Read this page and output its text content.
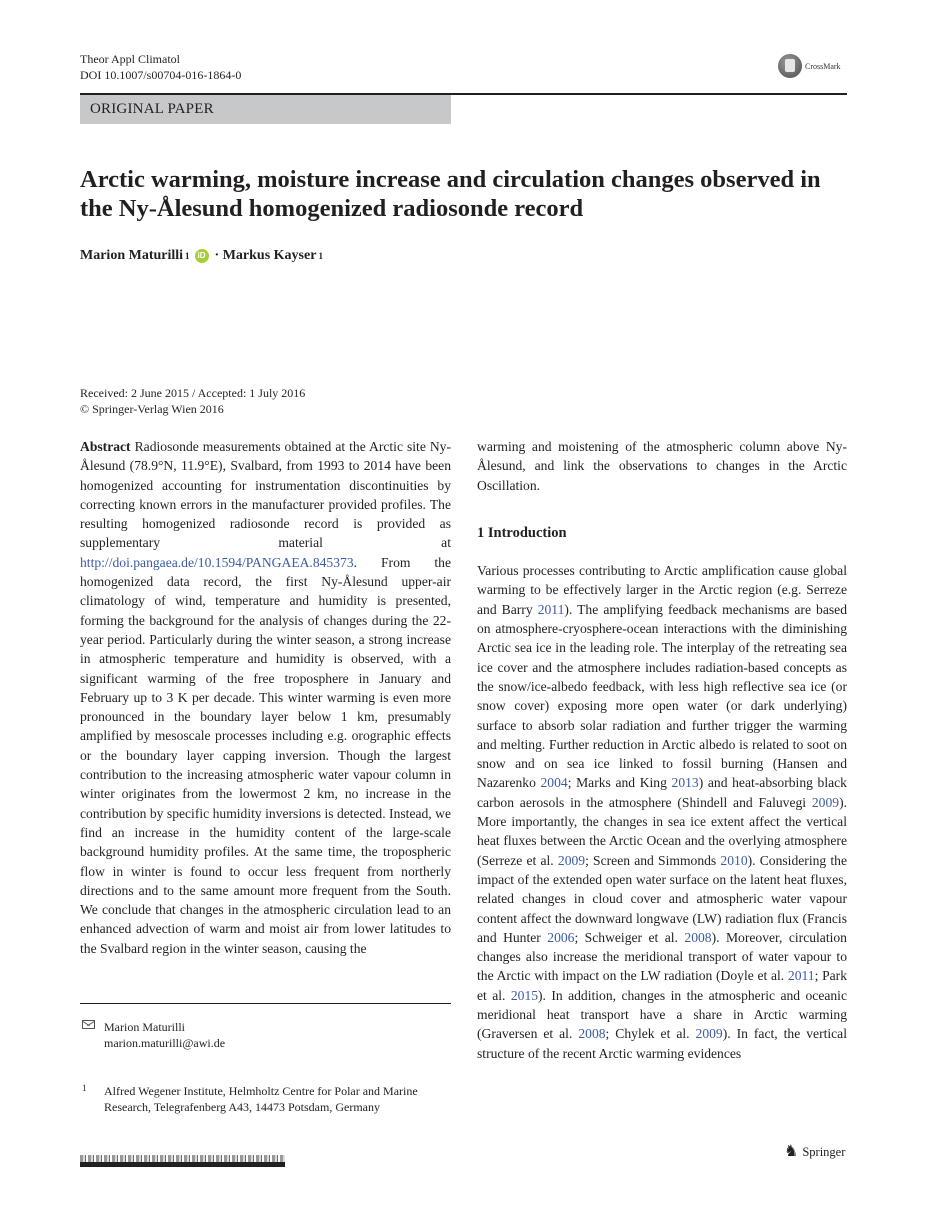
Theor Appl Climatol
DOI 10.1007/s00704-016-1864-0
CrossMark
ORIGINAL PAPER
Arctic warming, moisture increase and circulation changes observed in the Ny-Ålesund homogenized radiosonde record
Marion Maturilli 1	iD ·
Markus Kayser 1
Received: 2 June 2015 / Accepted: 1 July 2016
© Springer-Verlag Wien 2016

Abstract Radiosonde measurements obtained at the Arctic site Ny-Ålesund (78.9°N, 11.9°E), Svalbard, from 1993 to 2014 have been homogenized accounting for instrumentation discontinuities by correcting known errors in the manufacturer provided profiles. The resulting homogenized radiosonde record is provided as supplementary material at http://doi.pangaea.de/10.1594/PANGAEA.845373. From the homogenized data record, the first Ny-Ålesund upper-air climatology of wind, temperature and humidity is presented, forming the background for the analysis of changes during the 22-year period. Particularly during the winter season, a strong increase in atmospheric temperature and humidity is observed, with a significant warming of the free troposphere in January and February up to 3 K per decade. This winter warming is even more pronounced in the boundary layer below 1 km, presumably amplified by mesoscale processes including e.g. orographic effects or the boundary layer capping inversion. Though the largest contribution to the increasing atmospheric water vapour column in winter originates from the lowermost 2 km, no increase in the contribution by specific humidity inversions is detected. Instead, we find an increase in the humidity content of the large-scale background humidity profiles. At the same time, the tropospheric flow in winter is found to occur less frequent from northerly directions and to the same amount more frequent from the South. We conclude that changes in the atmospheric circulation lead to an enhanced advection of warm and moist air from lower latitudes to the Svalbard region in the winter season, causing the

Marion Maturilli
marion.maturilli@awi.de
1 Alfred Wegener Institute, Helmholtz Centre for Polar and Marine Research, Telegrafenberg A43, 14473 Potsdam, Germany

warming and moistening of the atmospheric column above Ny-Ålesund, and link the observations to changes in the Arctic Oscillation.

1 Introduction

Various processes contributing to Arctic amplification cause global warming to be effectively larger in the Arctic region (e.g. Serreze and Barry 2011). The amplifying feedback mechanisms are based on atmosphere-cryosphere-ocean interactions with the diminishing Arctic sea ice in the leading role. The interplay of the retreating sea ice cover and the atmosphere includes radiation-based concepts as the snow/ice-albedo feedback, with less high reflective sea ice (or snow cover) exposing more open water (or dark underlying) surface to absorb solar radiation and further trigger the warming and melting. Further reduction in Arctic albedo is related to soot on snow and on sea ice linked to fossil burning (Hansen and Nazarenko 2004; Marks and King 2013) and heat-absorbing black carbon aerosols in the atmosphere (Shindell and Faluvegi 2009). More importantly, the changes in sea ice extent affect the vertical heat fluxes between the Arctic Ocean and the overlying atmosphere (Serreze et al. 2009; Screen and Simmonds 2010). Considering the impact of the extended open water surface on the latent heat fluxes, related changes in cloud cover and atmospheric water vapour content affect the downward longwave (LW) radiation flux (Francis and Hunter 2006; Schweiger et al. 2008). Moreover, circulation changes also increase the meridional transport of water vapour to the Arctic with impact on the LW radiation (Doyle et al. 2011; Park et al. 2015). In addition, changes in the atmospheric and oceanic meridional heat transport have a share in Arctic warming (Graversen et al. 2008; Chylek et al. 2009). In fact, the vertical structure of the recent Arctic warming evidences

♞ Springer
